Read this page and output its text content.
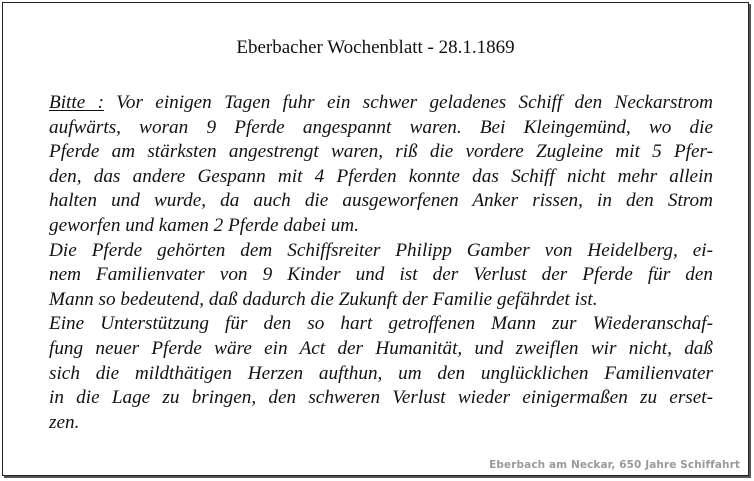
Eberbacher Wochenblatt - 28.1.1869
Bitte : Vor einigen Tagen fuhr ein schwer geladenes Schiff den Neckarstrom
aufwärts, woran 9 Pferde angespannt waren. Bei Kleingemünd, wo die
Pferde am stärksten angestrengt waren, riß die vordere Zugleine mit 5 Pfer-
den, das andere Gespann mit 4 Pferden konnte das Schiff nicht mehr allein
halten und wurde, da auch die ausgeworfenen Anker rissen, in den Strom
geworfen und kamen 2 Pferde dabei um.
Die Pferde gehörten dem Schiffsreiter Philipp Gamber von Heidelberg, ei-
nem Familienvater von 9 Kinder und ist der Verlust der Pferde für den
Mann so bedeutend, daß dadurch die Zukunft der Familie gefährdet ist.
Eine Unterstützung für den so hart getroffenen Mann zur Wiederanschaf-
fung neuer Pferde wäre ein Act der Humanität, und zweiflen wir nicht, daß
sich die mildthätigen Herzen aufthun, um den unglücklichen Familienvater
in die Lage zu bringen, den schweren Verlust wieder einigermaßen zu erset-
zen.
Eberbach am Neckar, 650 Jahre Schiffahrt
